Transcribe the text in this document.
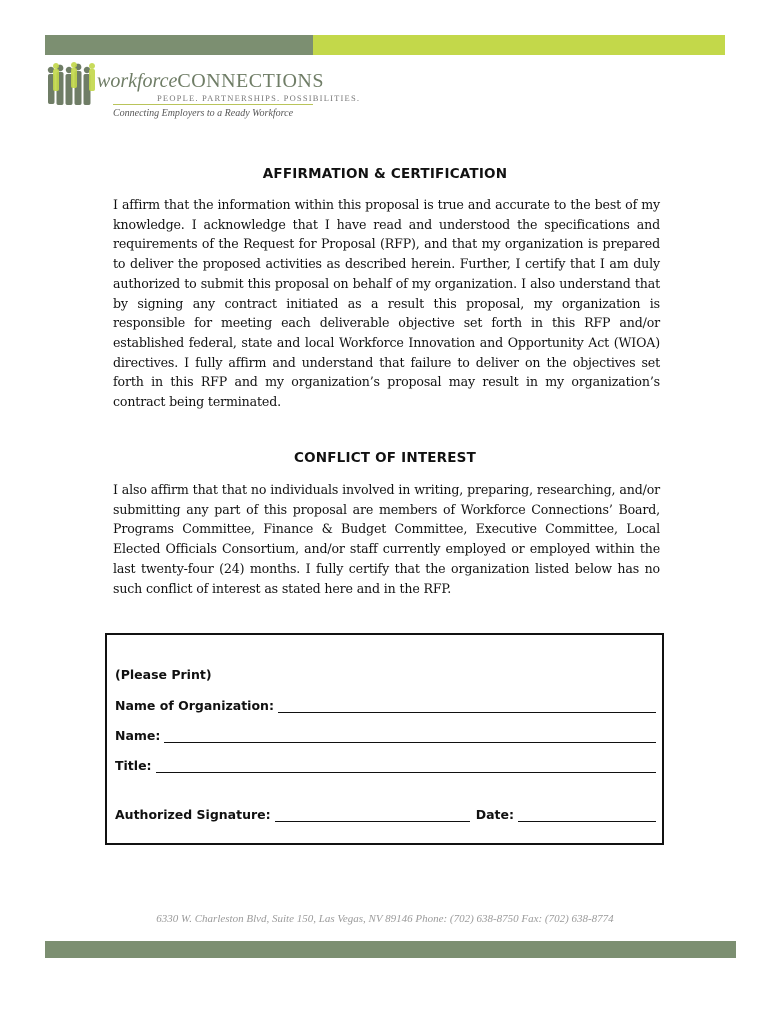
workforceCONNECTIONS
PEOPLE. PARTNERSHIPS. POSSIBILITIES.
Connecting Employers to a Ready Workforce
AFFIRMATION & CERTIFICATION
I affirm that the information within this proposal is true and accurate to the best of my knowledge. I acknowledge that I have read and understood the specifications and requirements of the Request for Proposal (RFP), and that my organization is prepared to deliver the proposed activities as described herein. Further, I certify that I am duly authorized to submit this proposal on behalf of my organization. I also understand that by signing any contract initiated as a result this proposal, my organization is responsible for meeting each deliverable objective set forth in this RFP and/or established federal, state and local Workforce Innovation and Opportunity Act (WIOA) directives. I fully affirm and understand that failure to deliver on the objectives set forth in this RFP and my organization’s proposal may result in my organization’s contract being terminated.
CONFLICT OF INTEREST
I also affirm that that no individuals involved in writing, preparing, researching, and/or submitting any part of this proposal are members of Workforce Connections’ Board, Programs Committee, Finance & Budget Committee, Executive Committee, Local Elected Officials Consortium, and/or staff currently employed or employed within the last twenty-four (24) months. I fully certify that the organization listed below has no such conflict of interest as stated here and in the RFP.
(Please Print)
Name of Organization:
Name:
Title:
Authorized Signature:	Date:
6330 W. Charleston Blvd, Suite 150, Las Vegas, NV 89146 Phone: (702) 638-8750 Fax: (702) 638-8774
